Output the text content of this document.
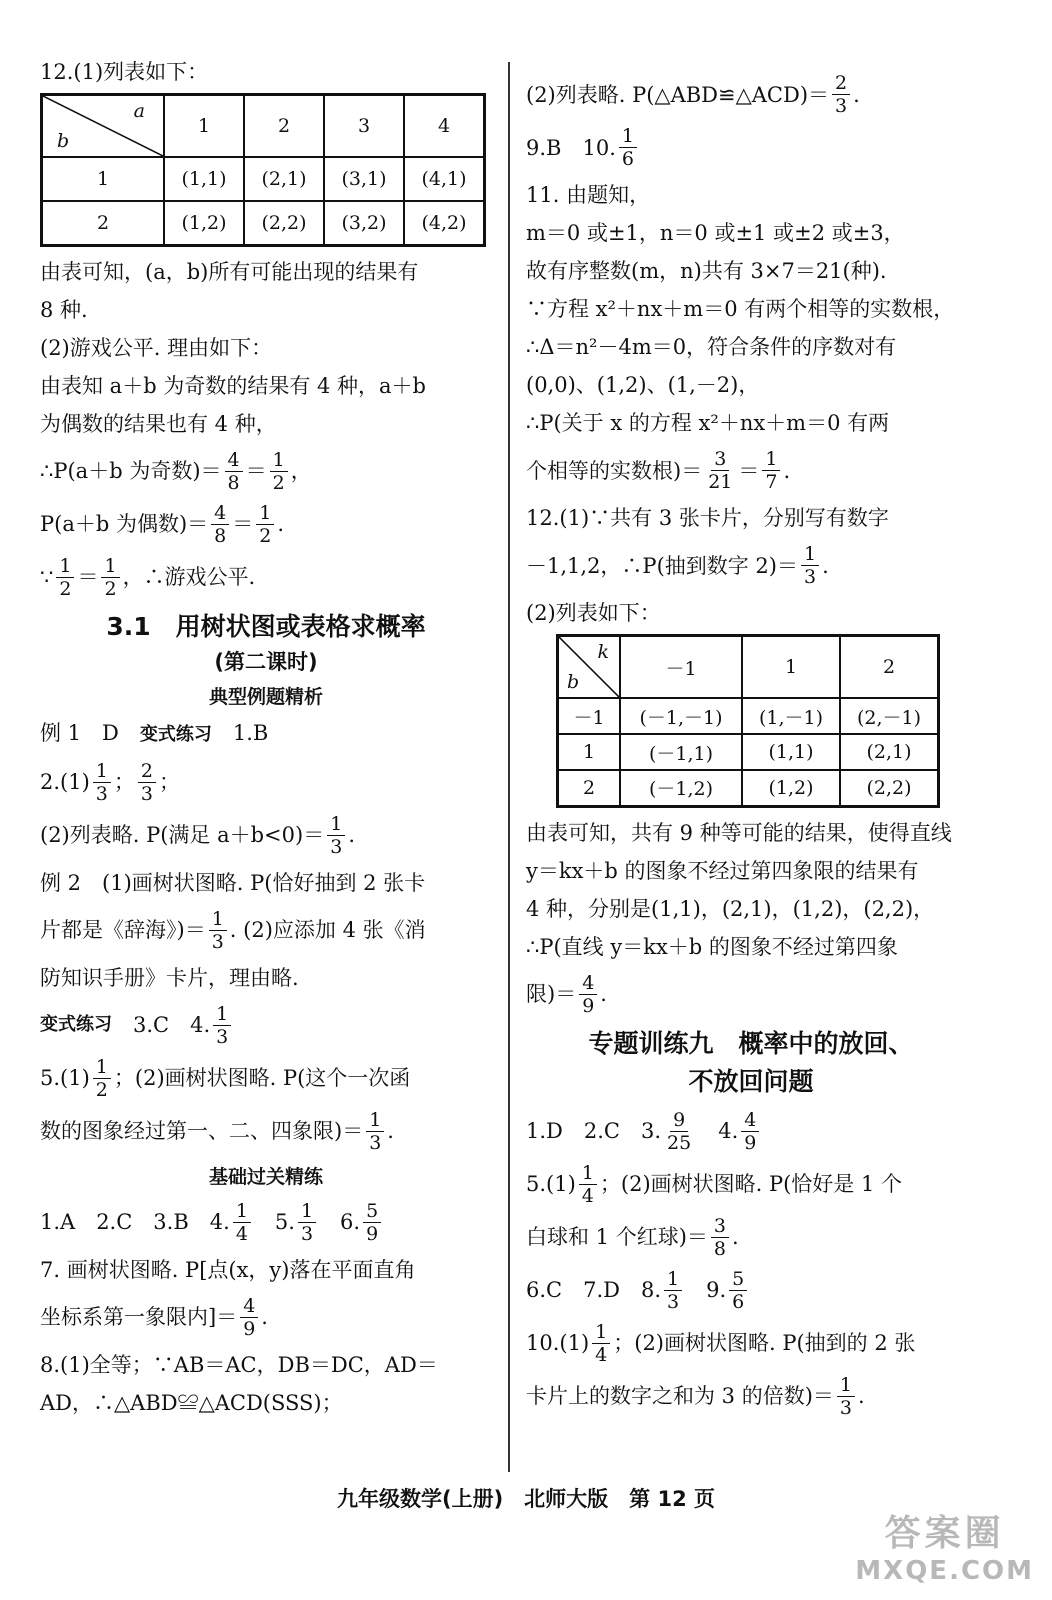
12.(1)列表如下：
a
b	1	2	3	4
1	(1,1)	(2,1)	(3,1)	(4,1)
2	(1,2)	(2,2)	(3,2)	(4,2)
由表可知，(a，b)所有可能出现的结果有
8 种.
(2)游戏公平. 理由如下：
由表知 a＋b 为奇数的结果有 4 种，a＋b
为偶数的结果也有 4 种，
∴P(a＋b 为奇数)＝ $\frac{4}{8} = \frac{1}{2}$ ，
P(a＋b 为偶数)＝ $\frac{4}{8} = \frac{1}{2}$ .
∵ $\frac{1}{2} = \frac{1}{2}$ ，∴游戏公平.
3.1　用树状图或表格求概率
(第二课时)
典型例题精析
例 1　D　变式练习　1.B
$2.(1) \frac{1}{3}$ ； $\frac{2}{3}$ ；
(2)列表略. P(满足 $a+b<0)= \frac{1}{3}$ .
例 2　(1)画树状图略. P(恰好抽到 2 张卡
片都是《辞海》)＝ $\frac{1}{3}$ . (2)应添加 4 张《消
防知识手册》卡片，理由略.
变式练习 　3.C　4. $\frac{1}{3}$
$5.(1) \frac{1}{2}$ ；(2)画树状图略. P(这个一次函
数的图象经过第一、二、四象限)＝ $\frac{1}{3}$ .
基础过关精练
1.A　2.C　3.B　4. $\frac{1}{4}$ 　5. $\frac{1}{3}$ 　6. $\frac{5}{9}$
7. 画树状图略. P[点(x，y)落在平面直角
坐标系第一象限内]＝ $\frac{4}{9}$ .
8.(1)全等；∵AB＝AC，DB＝DC，AD＝
AD，∴△ABD≌△ACD(SSS)；
(2)列表略. P(△ABD≌△ACD)＝ $\frac{2}{3}$ .
9.B　10. $\frac{1}{6}$
11. 由题知，
m＝0 或±1，n＝0 或±1 或±2 或±3，
故有序整数(m，n)共有 3×7＝21(种).
∵方程 x²＋nx＋m＝0 有两个相等的实数根，
∴Δ＝n²－4m＝0，符合条件的序数对有
(0,0)、(1,2)、(1,－2)，
∴P(关于 x 的方程 x²＋nx＋m＝0 有两
个相等的实数根)＝ $\frac{3}{21} = \frac{1}{7}$ .
12.(1)∵共有 3 张卡片，分别写有数字
－1,1,2，∴P(抽到数字 $2)= \frac{1}{3}$ .
(2)列表如下：
k
b	－1	1	2
－1	(－1,－1)	(1,－1)	(2,－1)
1	(－1,1)	(1,1)	(2,1)
2	(－1,2)	(1,2)	(2,2)
由表可知，共有 9 种等可能的结果，使得直线
y＝kx＋b 的图象不经过第四象限的结果有
4 种，分别是(1,1)，(2,1)，(1,2)，(2,2)，
∴P(直线 y＝kx＋b 的图象不经过第四象
限)＝ $\frac{4}{9}$ .
专题训练九　概率中的放回、
不放回问题
1.D　2.C　3. $\frac{9}{25}$ 　4. $\frac{4}{9}$
$5.(1) \frac{1}{4}$ ；(2)画树状图略. P(恰好是 1 个
白球和 1 个红球)＝ $\frac{3}{8}$ .
6.C　7.D　8. $\frac{1}{3}$ 　9. $\frac{5}{6}$
$10.(1) \frac{1}{4}$ ；(2)画树状图略. P(抽到的 2 张
卡片上的数字之和为 3 的倍数)＝ $\frac{1}{3}$ .
九年级数学(上册)　北师大版　第 12 页
答案圈
MXQE.COM
